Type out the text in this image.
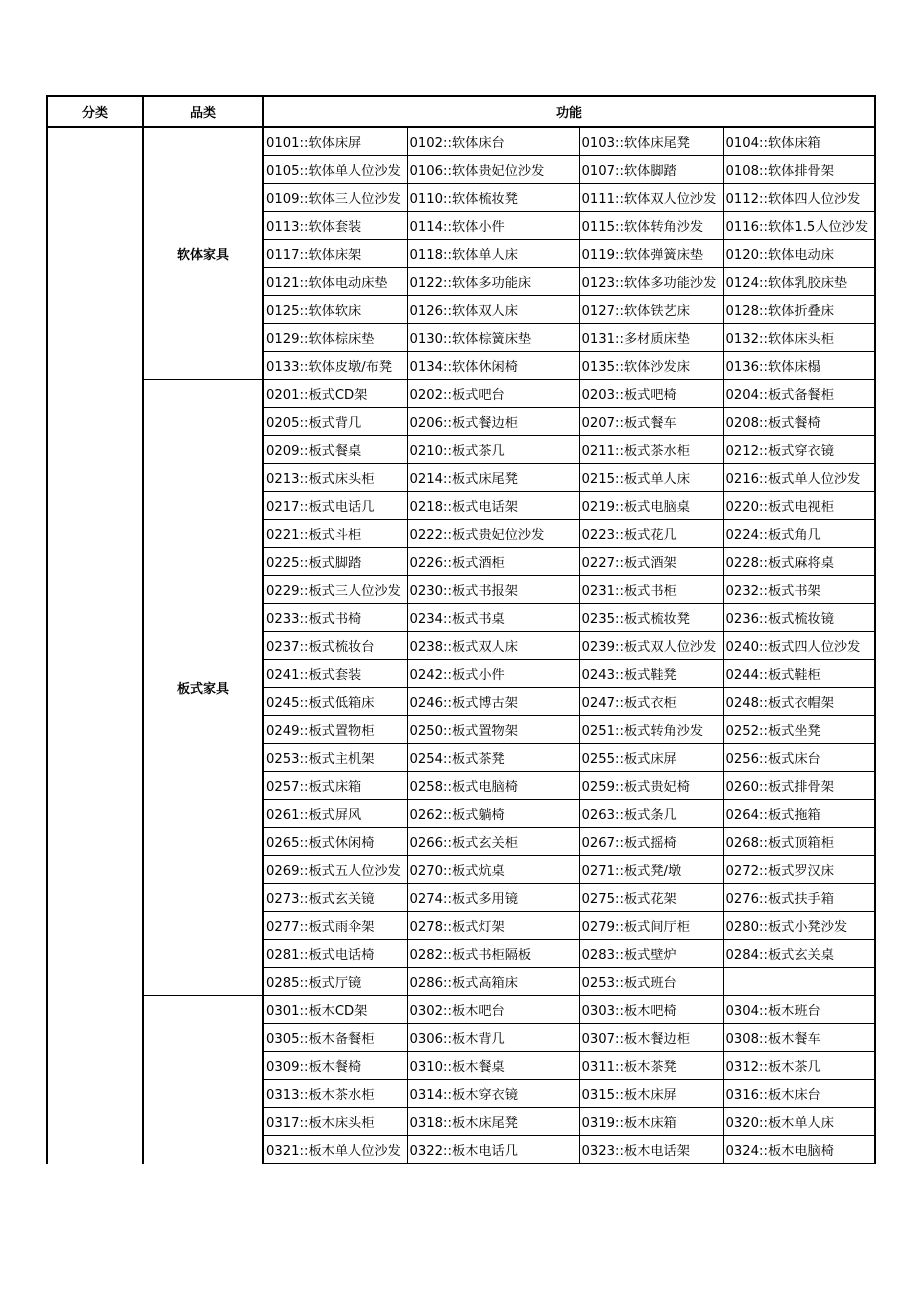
分类	品类	功能			
	软体家具	0101::软体床屏	0102::软体床台	0103::软体床尾凳	0104::软体床箱
		0105::软体单人位沙发	0106::软体贵妃位沙发	0107::软体脚踏	0108::软体排骨架
		0109::软体三人位沙发	0110::软体梳妆凳	0111::软体双人位沙发	0112::软体四人位沙发
		0113::软体套装	0114::软体小件	0115::软体转角沙发	0116::软体1.5人位沙发
		0117::软体床架	0118::软体单人床	0119::软体弹簧床垫	0120::软体电动床
		0121::软体电动床垫	0122::软体多功能床	0123::软体多功能沙发	0124::软体乳胶床垫
		0125::软体软床	0126::软体双人床	0127::软体铁艺床	0128::软体折叠床
		0129::软体棕床垫	0130::软体棕簧床垫	0131::多材质床垫	0132::软体床头柜
		0133::软体皮墩/布凳	0134::软体休闲椅	0135::软体沙发床	0136::软体床榻
	板式家具	0201::板式CD架	0202::板式吧台	0203::板式吧椅	0204::板式备餐柜
		0205::板式背几	0206::板式餐边柜	0207::板式餐车	0208::板式餐椅
		0209::板式餐桌	0210::板式茶几	0211::板式茶水柜	0212::板式穿衣镜
		0213::板式床头柜	0214::板式床尾凳	0215::板式单人床	0216::板式单人位沙发
		0217::板式电话几	0218::板式电话架	0219::板式电脑桌	0220::板式电视柜
		0221::板式斗柜	0222::板式贵妃位沙发	0223::板式花几	0224::板式角几
		0225::板式脚踏	0226::板式酒柜	0227::板式酒架	0228::板式麻将桌
		0229::板式三人位沙发	0230::板式书报架	0231::板式书柜	0232::板式书架
		0233::板式书椅	0234::板式书桌	0235::板式梳妆凳	0236::板式梳妆镜
		0237::板式梳妆台	0238::板式双人床	0239::板式双人位沙发	0240::板式四人位沙发
		0241::板式套装	0242::板式小件	0243::板式鞋凳	0244::板式鞋柜
		0245::板式低箱床	0246::板式博古架	0247::板式衣柜	0248::板式衣帽架
		0249::板式置物柜	0250::板式置物架	0251::板式转角沙发	0252::板式坐凳
		0253::板式主机架	0254::板式茶凳	0255::板式床屏	0256::板式床台
		0257::板式床箱	0258::板式电脑椅	0259::板式贵妃椅	0260::板式排骨架
		0261::板式屏风	0262::板式躺椅	0263::板式条几	0264::板式拖箱
		0265::板式休闲椅	0266::板式玄关柜	0267::板式摇椅	0268::板式顶箱柜
		0269::板式五人位沙发	0270::板式炕桌	0271::板式凳/墩	0272::板式罗汉床
		0273::板式玄关镜	0274::板式多用镜	0275::板式花架	0276::板式扶手箱
		0277::板式雨伞架	0278::板式灯架	0279::板式间厅柜	0280::板式小凳沙发
		0281::板式电话椅	0282::板式书柜隔板	0283::板式壁炉	0284::板式玄关桌
		0285::板式厅镜	0286::板式高箱床	0253::板式班台	
		0301::板木CD架	0302::板木吧台	0303::板木吧椅	0304::板木班台
		0305::板木备餐柜	0306::板木背几	0307::板木餐边柜	0308::板木餐车
		0309::板木餐椅	0310::板木餐桌	0311::板木茶凳	0312::板木茶几
		0313::板木茶水柜	0314::板木穿衣镜	0315::板木床屏	0316::板木床台
		0317::板木床头柜	0318::板木床尾凳	0319::板木床箱	0320::板木单人床
		0321::板木单人位沙发	0322::板木电话几	0323::板木电话架	0324::板木电脑椅
